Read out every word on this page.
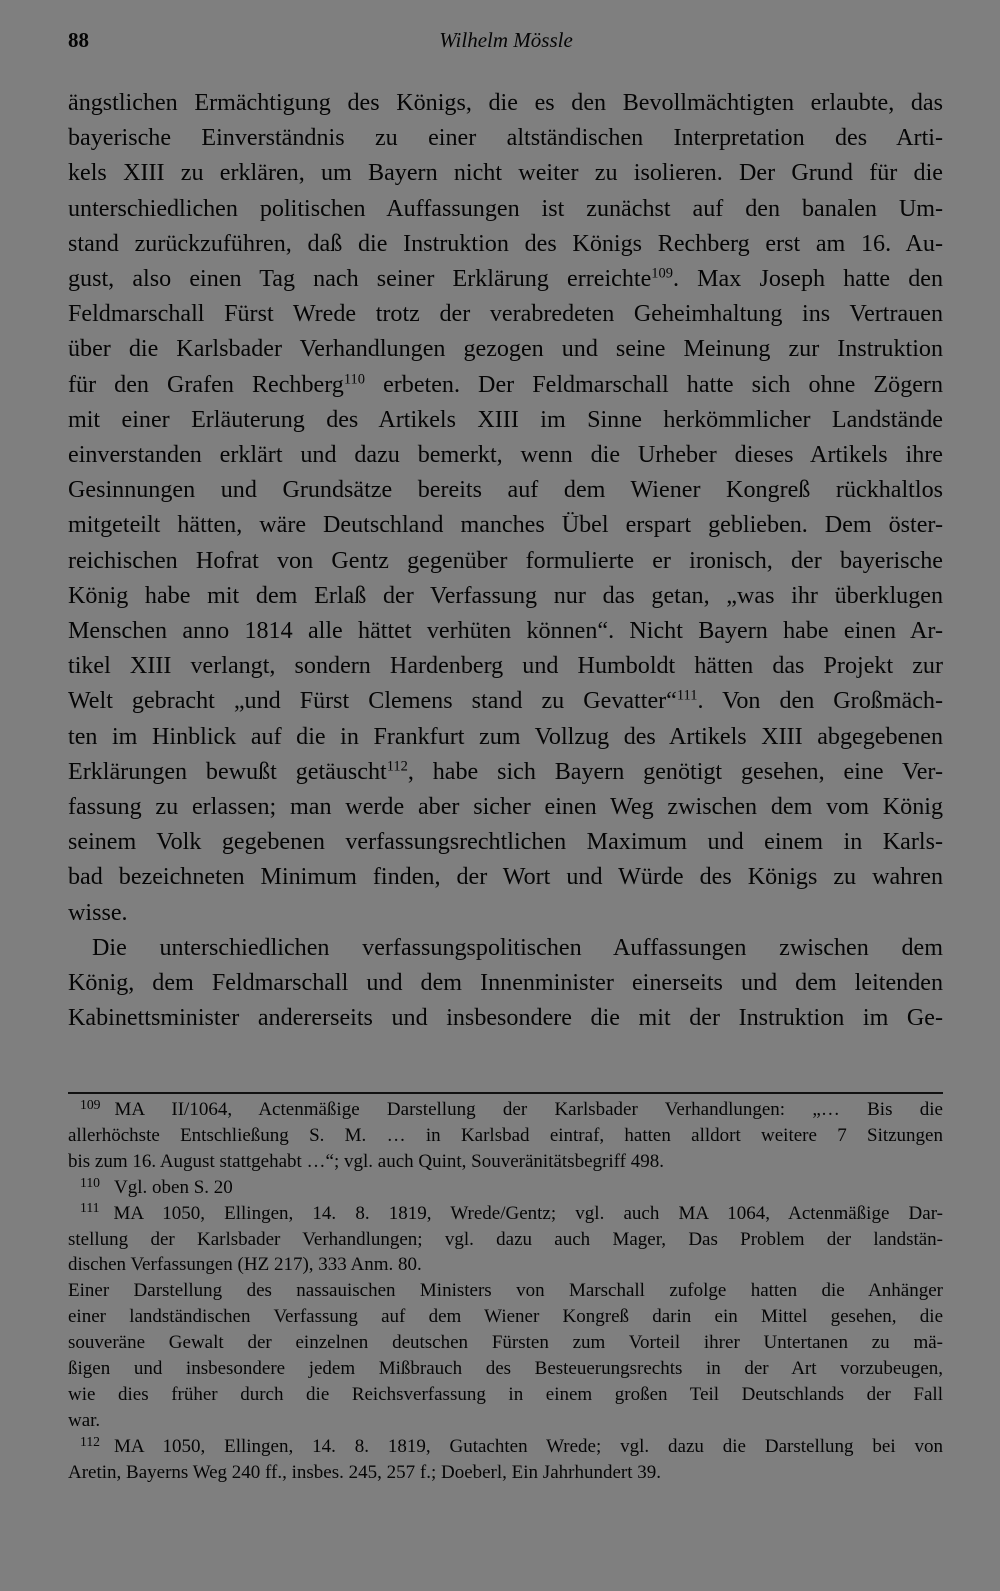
88	Wilhelm Mössle
ängstlichen Ermächtigung des Königs, die es den Bevollmächtigten erlaubte, das
bayerische Einverständnis zu einer altständischen Interpretation des Arti-
kels XIII zu erklären, um Bayern nicht weiter zu isolieren. Der Grund für die
unterschiedlichen politischen Auffassungen ist zunächst auf den banalen Um-
stand zurückzuführen, daß die Instruktion des Königs Rechberg erst am 16. Au-
gust, also einen Tag nach seiner Erklärung erreichte$^{109}$. Max Joseph hatte den
Feldmarschall Fürst Wrede trotz der verabredeten Geheimhaltung ins Vertrauen
über die Karlsbader Verhandlungen gezogen und seine Meinung zur Instruktion
für den Grafen Rechberg$^{110}$ erbeten. Der Feldmarschall hatte sich ohne Zögern
mit einer Erläuterung des Artikels XIII im Sinne herkömmlicher Landstände
einverstanden erklärt und dazu bemerkt, wenn die Urheber dieses Artikels ihre
Gesinnungen und Grundsätze bereits auf dem Wiener Kongreß rückhaltlos
mitgeteilt hätten, wäre Deutschland manches Übel erspart geblieben. Dem öster-
reichischen Hofrat von Gentz gegenüber formulierte er ironisch, der bayerische
König habe mit dem Erlaß der Verfassung nur das getan, „was ihr überklugen
Menschen anno 1814 alle hättet verhüten können“. Nicht Bayern habe einen Ar-
tikel XIII verlangt, sondern Hardenberg und Humboldt hätten das Projekt zur
Welt gebracht „und Fürst Clemens stand zu Gevatter“$^{111}$. Von den Großmäch-
ten im Hinblick auf die in Frankfurt zum Vollzug des Artikels XIII abgegebenen
Erklärungen bewußt getäuscht$^{112}$, habe sich Bayern genötigt gesehen, eine Ver-
fassung zu erlassen; man werde aber sicher einen Weg zwischen dem vom König
seinem Volk gegebenen verfassungsrechtlichen Maximum und einem in Karls-
bad bezeichneten Minimum finden, der Wort und Würde des Königs zu wahren
wisse.
Die unterschiedlichen verfassungspolitischen Auffassungen zwischen dem
König, dem Feldmarschall und dem Innenminister einerseits und dem leitenden
Kabinettsminister andererseits und insbesondere die mit der Instruktion im Ge-
$^{109}$ MA II/1064, Actenmäßige Darstellung der Karlsbader Verhandlungen: „… Bis die
allerhöchste Entschließung S. M. … in Karlsbad eintraf, hatten alldort weitere 7 Sitzungen
bis zum 16. August stattgehabt …“; vgl. auch Quint, Souveränitätsbegriff 498.
$^{110}$ Vgl. oben S. 20
$^{111}$ MA 1050, Ellingen, 14. 8. 1819, Wrede/Gentz; vgl. auch MA 1064, Actenmäßige Dar-
stellung der Karlsbader Verhandlungen; vgl. dazu auch Mager, Das Problem der landstän-
dischen Verfassungen (HZ 217), 333 Anm. 80.
Einer Darstellung des nassauischen Ministers von Marschall zufolge hatten die Anhänger
einer landständischen Verfassung auf dem Wiener Kongreß darin ein Mittel gesehen, die
souveräne Gewalt der einzelnen deutschen Fürsten zum Vorteil ihrer Untertanen zu mä-
ßigen und insbesondere jedem Mißbrauch des Besteuerungsrechts in der Art vorzubeugen,
wie dies früher durch die Reichsverfassung in einem großen Teil Deutschlands der Fall
war.
$^{112}$ MA 1050, Ellingen, 14. 8. 1819, Gutachten Wrede; vgl. dazu die Darstellung bei von
Aretin, Bayerns Weg 240 ff., insbes. 245, 257 f.; Doeberl, Ein Jahrhundert 39.
